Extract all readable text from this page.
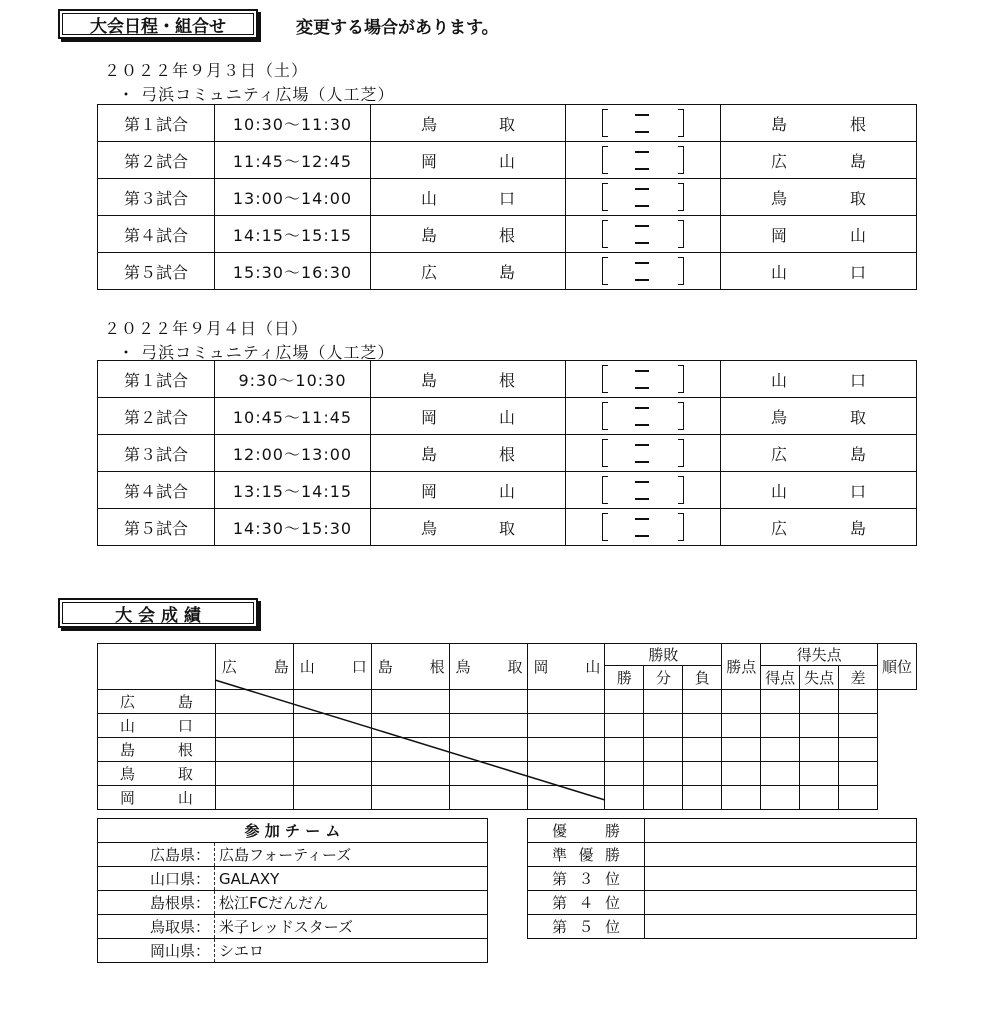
大会日程・組合せ	変更する場合があります。
２０２２年９月３日（土）
・ 弓浜コミュニティ広場（人工芝）
第１試合	10:30〜11:30	鳥 取		島 根

第２試合	11:45〜12:45	岡 山		広 島

第３試合	13:00〜14:00	山 口		鳥 取

第４試合	14:15〜15:15	島 根		岡 山

第５試合	15:30〜16:30	広 島		山 口
２０２２年９月４日（日）
・ 弓浜コミュニティ広場（人工芝）
第１試合	9:30〜10:30	島 根		山 口

第２試合	10:45〜11:45	岡 山		鳥 取

第３試合	12:00〜13:00	島 根		広 島

第４試合	13:15〜14:15	岡 山		山 口

第５試合	14:30〜15:30	鳥 取		広 島
大 会 成 績

	広 島	山 口	島 根	鳥 取	岡 山	勝敗			勝点	得失点			順位
						勝	分	負		得点	失点	差	

広 島													

山 口													

島 根													

鳥 取													

岡 山													

参 加 チ ー ム	
広島県：	広島フォーティーズ
山口県：	GALAXY
島根県：	松江FCだんだん
鳥取県：	米子レッドスターズ
岡山県：	シエロ
優 勝	

準 優 勝	

第 ３ 位	

第 ４ 位	

第 ５ 位	
